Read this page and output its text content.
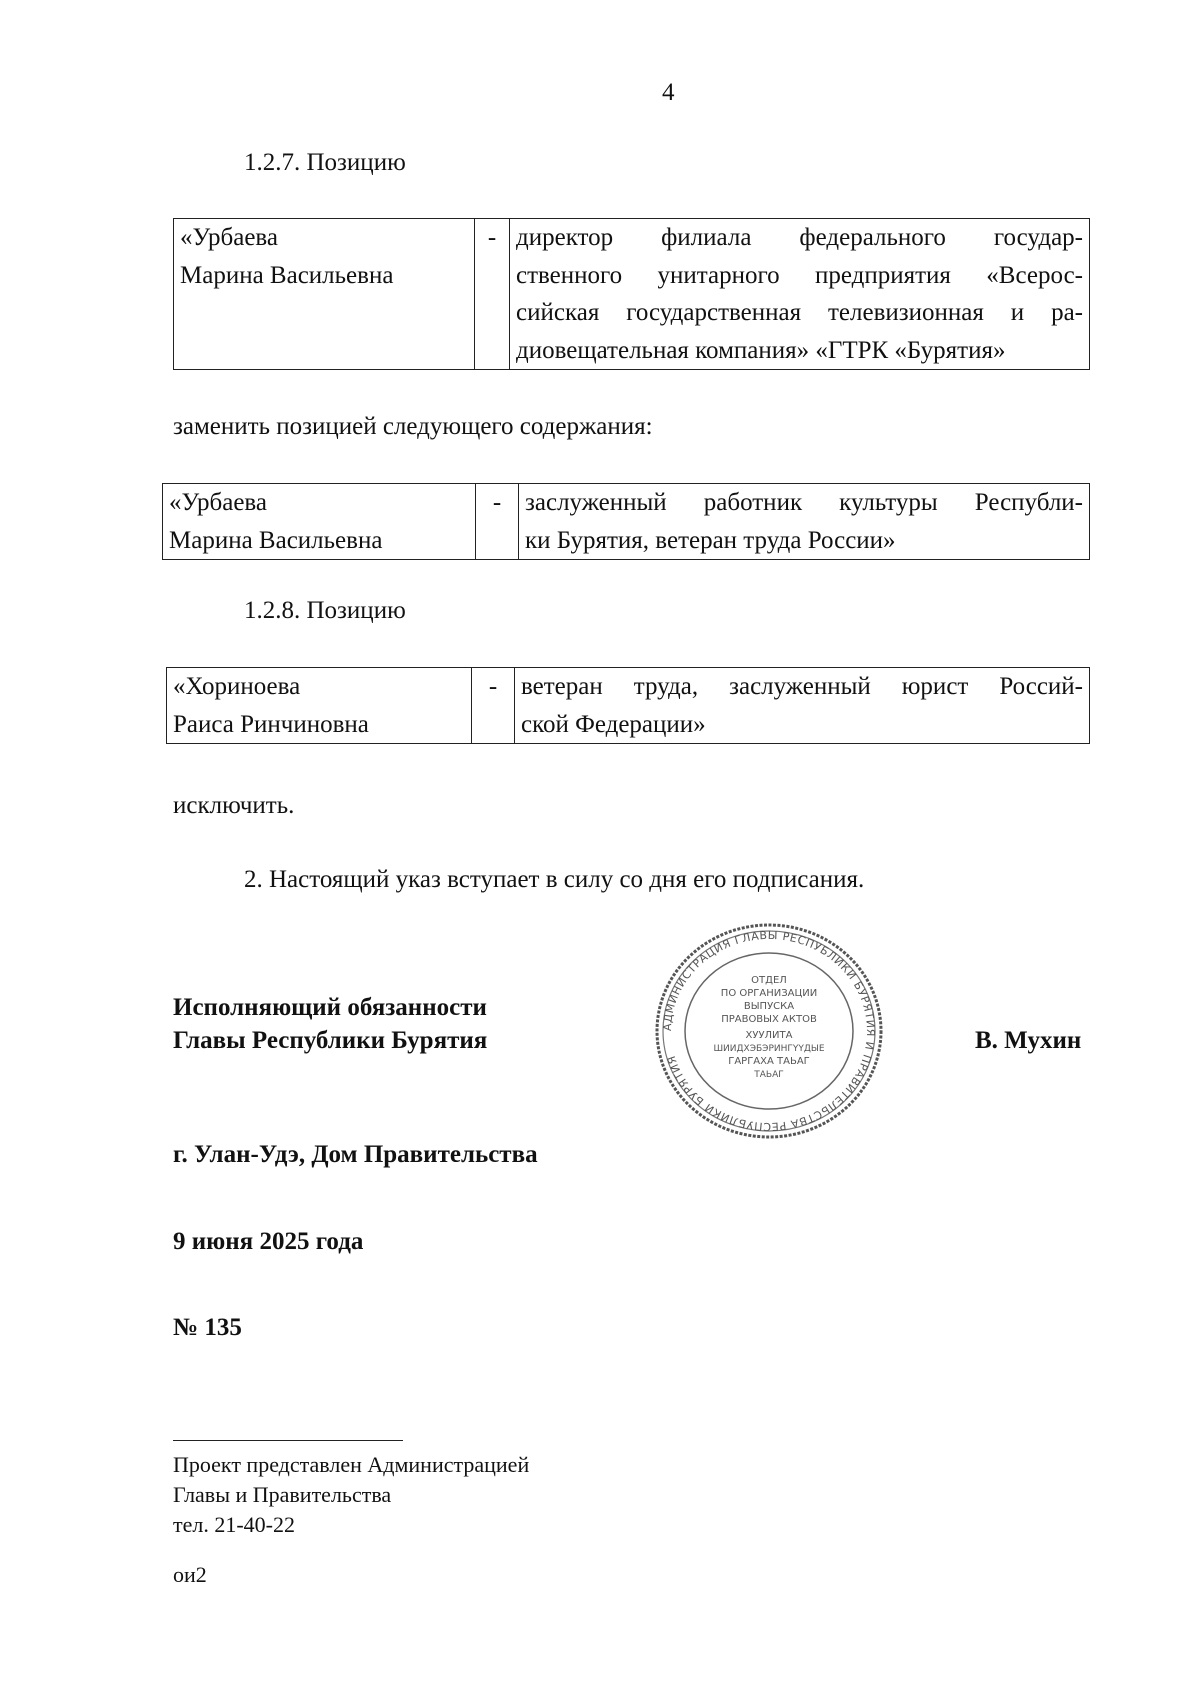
4
1.2.7. Позицию
«Урбаева
Марина Васильевна
	-	директор филиала федерального государ-
ственного унитарного предприятия «Всерос-
сийская государственная телевизионная и ра-
диовещательная компания» «ГТРК «Бурятия»
заменить позицией следующего содержания:
«Урбаева
Марина Васильевна
	-	заслуженный работник культуры Республи-
ки Бурятия, ветеран труда России»
1.2.8. Позицию
«Хориноева
Раиса Ринчиновна
	-	ветеран труда, заслуженный юрист Россий-
ской Федерации»
исключить.
2. Настоящий указ вступает в силу со дня его подписания.
Исполняющий обязанности
Главы Республики Бурятия	В. Мухин
АДМИНИСТРАЦИЯ ГЛАВЫ РЕСПУБЛИКИ БУРЯТИЯ И ПРАВИТЕЛЬСТВА РЕСПУБЛИКИ БУРЯТИЯ
ОТДЕЛ
ПО ОРГАНИЗАЦИИ
ВЫПУСКА
ПРАВОВЫХ АКТОВ
ХУУЛИТА
ШИИДХЭБЭРИНГҮҮДЫЕ
ГАРГАХА ТАЬАГ
ТАЬАГ
г. Улан-Удэ, Дом Правительства
9 июня 2025 года
№ 135
Проект представлен Администрацией
Главы и Правительства
тел. 21-40-22
ои2
